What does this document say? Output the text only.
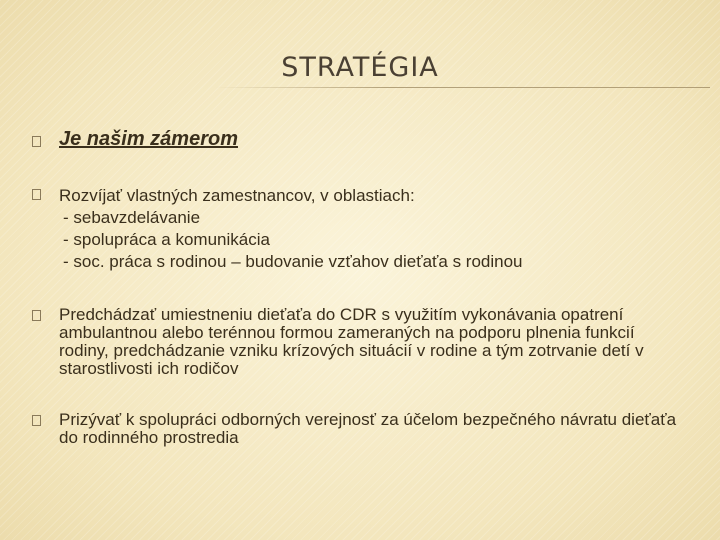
STRATÉGIA
Je našim zámerom
Rozvíjať vlastných zamestnancov, v oblastiach:
- sebavzdelávanie
- spolupráca a komunikácia
- soc. práca s rodinou – budovanie vzťahov dieťaťa s rodinou
Predchádzať umiestneniu dieťaťa do CDR s využitím vykonávania opatrení ambulantnou alebo terénnou formou zameraných na podporu plnenia funkcií rodiny, predchádzanie vzniku krízových situácií v rodine a tým zotrvanie detí v starostlivosti ich rodičov
Prizývať k spolupráci odborných verejnosť za účelom bezpečného návratu dieťaťa do rodinného prostredia
